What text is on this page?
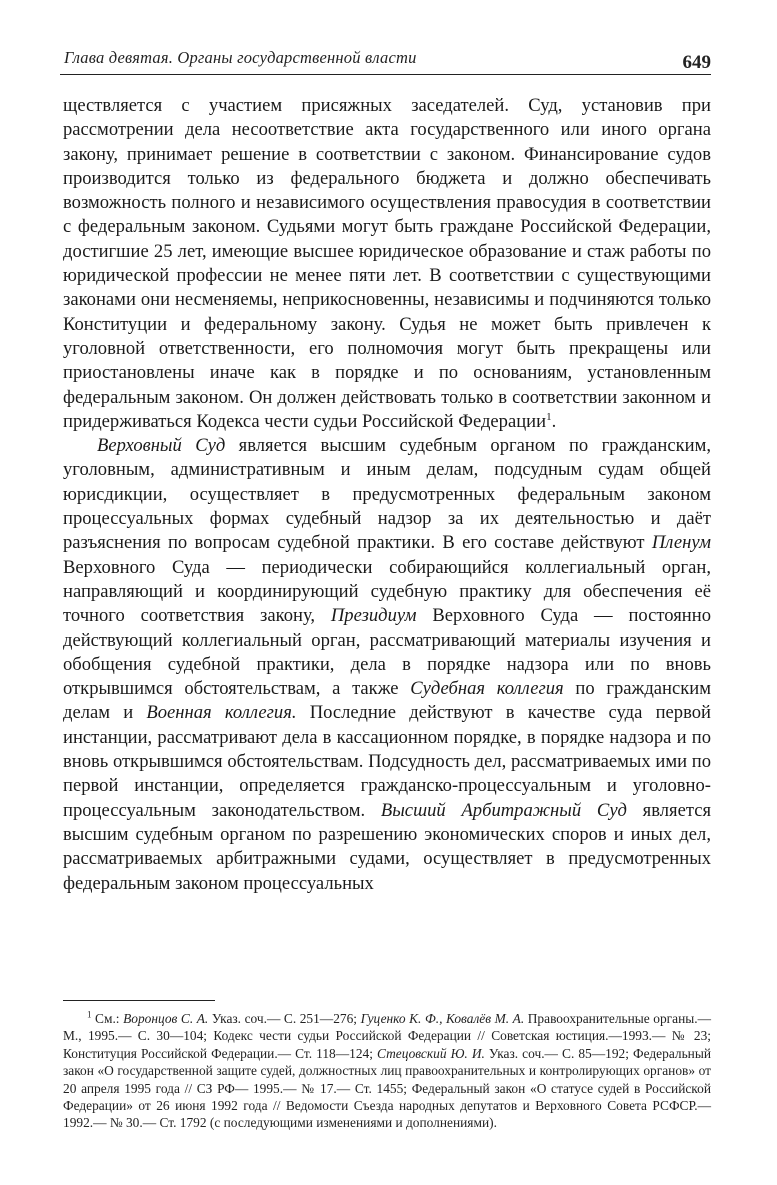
Глава девятая. Органы государственной власти	649

ществляется с участием присяжных заседателей. Суд, установив при рассмотрении дела несоответствие акта государственного или иного органа закону, принимает решение в соответствии с законом. Финансирование судов производится только из федерального бюджета и должно обеспечивать возможность полного и независимого осуществления правосудия в соответствии с федеральным законом. Судьями могут быть граждане Российской Федерации, достигшие 25 лет, имеющие высшее юридическое образование и стаж работы по юридической профессии не менее пяти лет. В соответствии с существующими законами они несменяемы, неприкосновенны, независимы и подчиняются только Конституции и федеральному закону. Судья не может быть привлечен к уголовной ответственности, его полномочия могут быть прекращены или приостановлены иначе как в порядке и по основаниям, установленным федеральным законом. Он должен действовать только в соответствии законном и придерживаться Кодекса чести судьи Российской Федерации$^1$.

Верховный Суд является высшим судебным органом по гражданским, уголовным, административным и иным делам, подсудным судам общей юрисдикции, осуществляет в предусмотренных федеральным законом процессуальных формах судебный надзор за их деятельностью и даёт разъяснения по вопросам судебной практики. В его составе действуют Пленум Верховного Суда — периодически собирающийся коллегиальный орган, направляющий и координирующий судебную практику для обеспечения её точного соответствия закону, Президиум Верховного Суда — постоянно действующий коллегиальный орган, рассматривающий материалы изучения и обобщения судебной практики, дела в порядке надзора или по вновь открывшимся обстоятельствам, а также Судебная коллегия по гражданским делам и Военная коллегия. Последние действуют в качестве суда первой инстанции, рассматривают дела в кассационном порядке, в порядке надзора и по вновь открывшимся обстоятельствам. Подсудность дел, рассматриваемых ими по первой инстанции, определяется гражданско-процессуальным и уголовно-процессуальным законодательством. Высший Арбитражный Суд является высшим судебным органом по разрешению экономических споров и иных дел, рассматриваемых арбитражными судами, осуществляет в предусмотренных федеральным законом процессуальных

$^1$ См.: Воронцов С. А. Указ. соч.— С. 251—276; Гуценко К. Ф., Ковалёв М. А. Правоохранительные органы.— М., 1995.— С. 30—104; Кодекс чести судьи Российской Федерации // Советская юстиция.—1993.— № 23; Конституция Российской Федерации.— Ст. 118—124; Стецовский Ю. И. Указ. соч.— С. 85—192; Федеральный закон «О государственной защите судей, должностных лиц правоохранительных и контролирующих органов» от 20 апреля 1995 года // СЗ РФ— 1995.— № 17.— Ст. 1455; Федеральный закон «О статусе судей в Российской Федерации» от 26 июня 1992 года // Ведомости Съезда народных депутатов и Верховного Совета РСФСР.— 1992.— № 30.— Ст. 1792 (с последующими изменениями и дополнениями).
